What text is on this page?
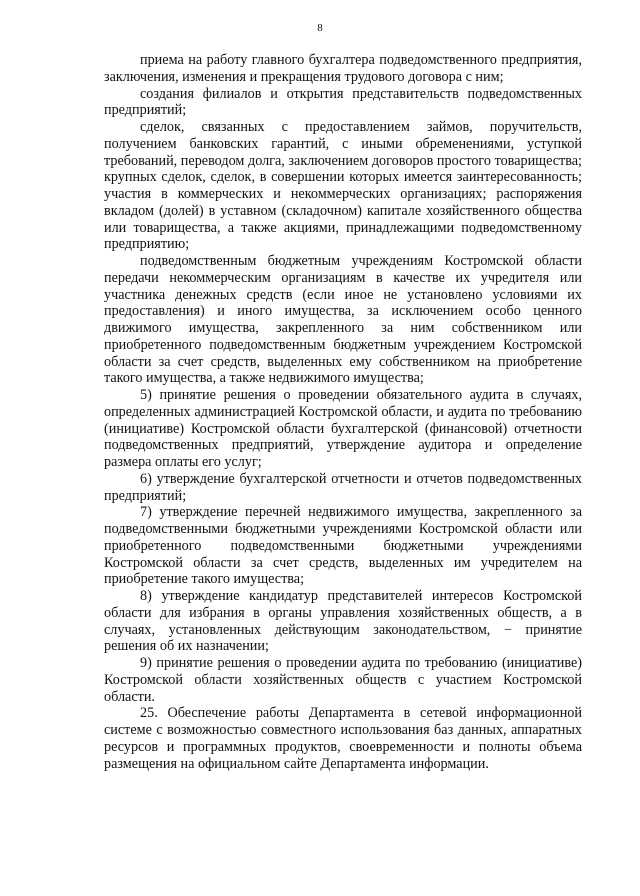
8

приема на работу главного бухгалтера подведомственного предприятия, заключения, изменения и прекращения трудового договора с ним;

создания филиалов и открытия представительств подведомственных предприятий;

сделок, связанных с предоставлением займов, поручительств, получением банковских гарантий, с иными обременениями, уступкой требований, переводом долга, заключением договоров простого товарищества; крупных сделок, сделок, в совершении которых имеется заинтересованность; участия в коммерческих и некоммерческих организациях; распоряжения вкладом (долей) в уставном (складочном) капитале хозяйственного общества или товарищества, а также акциями, принадлежащими подведомственному предприятию;

подведомственным бюджетным учреждениям Костромской области передачи некоммерческим организациям в качестве их учредителя или участника денежных средств (если иное не установлено условиями их предоставления) и иного имущества, за исключением особо ценного движимого имущества, закрепленного за ним собственником или приобретенного подведомственным бюджетным учреждением Костромской области за счет средств, выделенных ему собственником на приобретение такого имущества, а также недвижимого имущества;

5) принятие решения о проведении обязательного аудита в случаях, определенных администрацией Костромской области, и аудита по требованию (инициативе) Костромской области бухгалтерской (финансовой) отчетности подведомственных предприятий, утверждение аудитора и определение размера оплаты его услуг;

6) утверждение бухгалтерской отчетности и отчетов подведомственных предприятий;

7) утверждение перечней недвижимого имущества, закрепленного за подведомственными бюджетными учреждениями Костромской области или приобретенного подведомственными бюджетными учреждениями Костромской области за счет средств, выделенных им учредителем на приобретение такого имущества;

8) утверждение кандидатур представителей интересов Костромской области для избрания в органы управления хозяйственных обществ, а в случаях, установленных действующим законодательством, − принятие решения об их назначении;

9) принятие решения о проведении аудита по требованию (инициативе) Костромской области хозяйственных обществ с участием Костромской области.

25. Обеспечение работы Департамента в сетевой информационной системе с возможностью совместного использования баз данных, аппаратных ресурсов и программных продуктов, своевременности и полноты объема размещения на официальном сайте Департамента информации.
